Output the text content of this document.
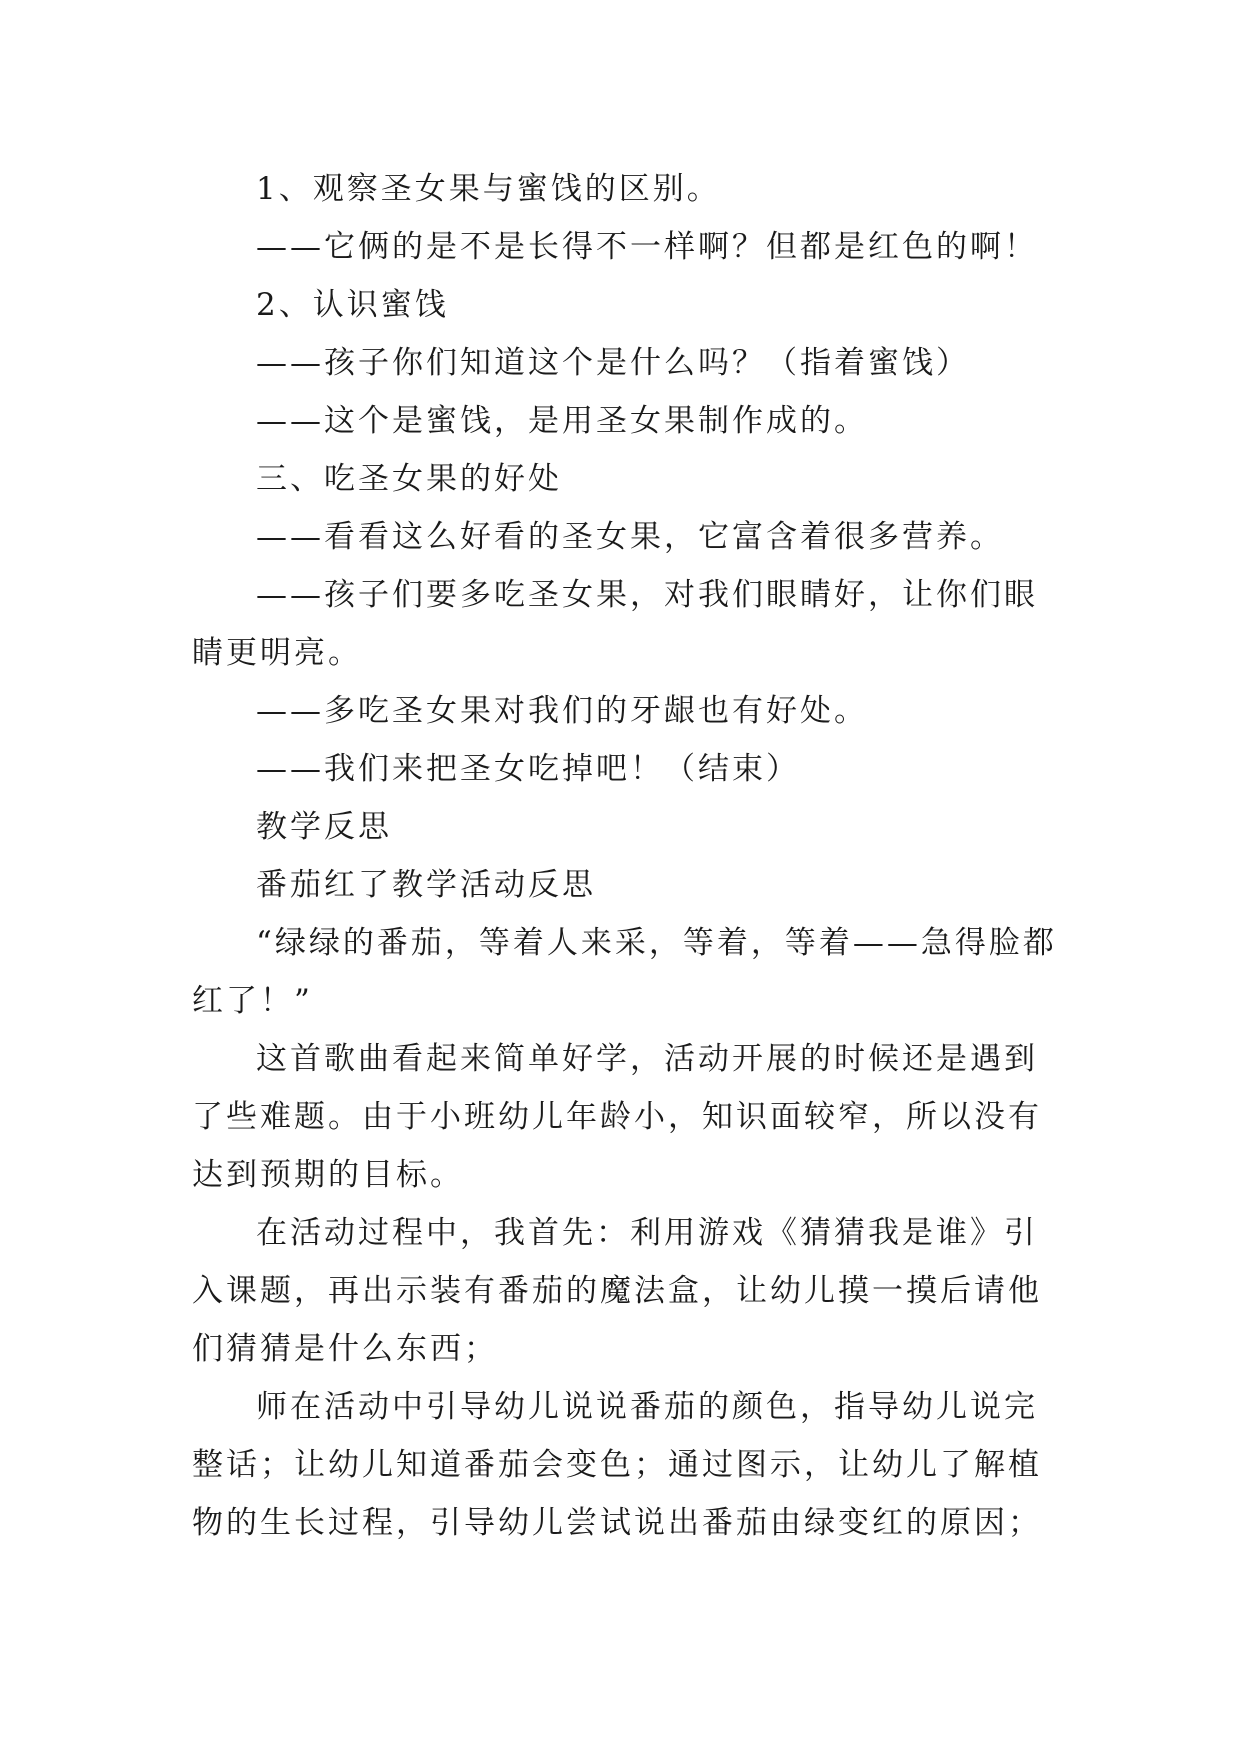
1、观察圣女果与蜜饯的区别。

——它俩的是不是长得不一样啊？但都是红色的啊！

2、认识蜜饯

——孩子你们知道这个是什么吗？（指着蜜饯）

——这个是蜜饯，是用圣女果制作成的。

三、吃圣女果的好处

——看看这么好看的圣女果，它富含着很多营养。

——孩子们要多吃圣女果，对我们眼睛好，让你们眼睛更明亮。

——多吃圣女果对我们的牙龈也有好处。

——我们来把圣女吃掉吧！（结束）

教学反思

番茄红了教学活动反思

“绿绿的番茄，等着人来采，等着，等着——急得脸都红了！”

这首歌曲看起来简单好学，活动开展的时候还是遇到了些难题。由于小班幼儿年龄小，知识面较窄，所以没有达到预期的目标。

在活动过程中，我首先：利用游戏《猜猜我是谁》引入课题，再出示装有番茄的魔法盒，让幼儿摸一摸后请他们猜猜是什么东西；

师在活动中引导幼儿说说番茄的颜色，指导幼儿说完整话；让幼儿知道番茄会变色；通过图示，让幼儿了解植物的生长过程，引导幼儿尝试说出番茄由绿变红的原因；
